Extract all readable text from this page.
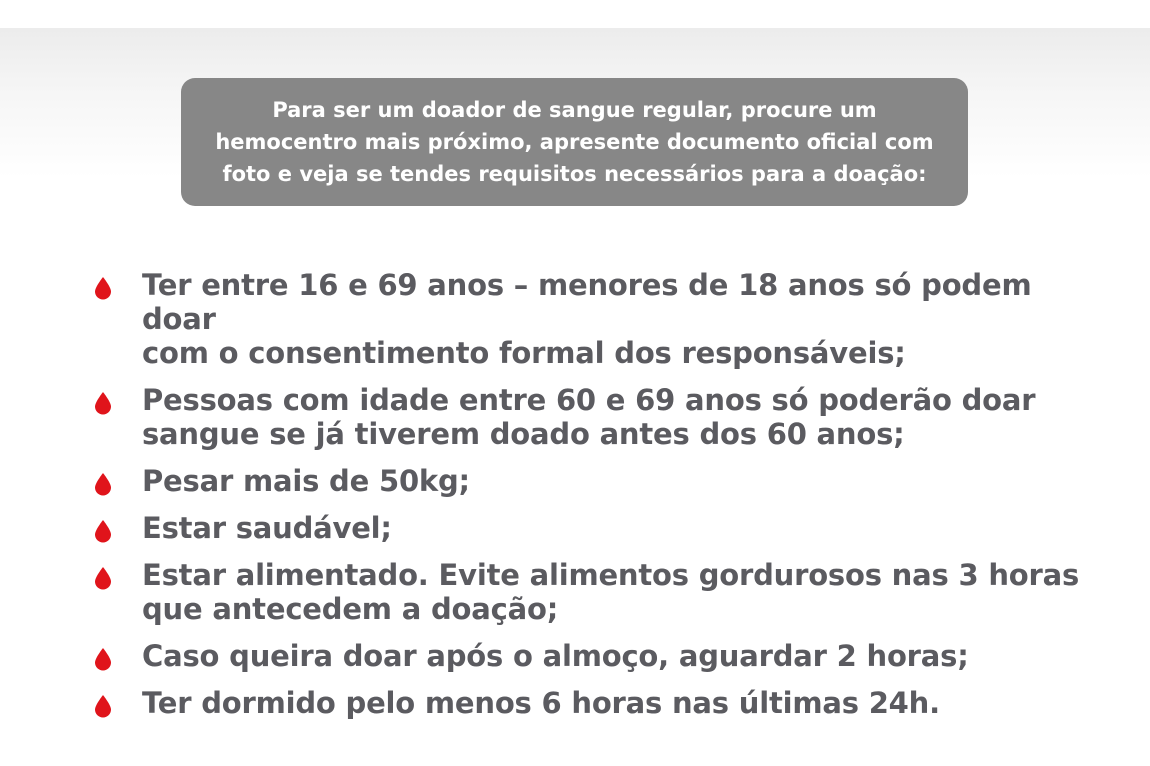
Para ser um doador de sangue regular, procure um
hemocentro mais próximo, apresente documento oficial com
foto e veja se tendes requisitos necessários para a doação:

Ter entre 16 e 69 anos – menores de 18 anos só podem doar
com o consentimento formal dos responsáveis;
Pessoas com idade entre 60 e 69 anos só poderão doar
sangue se já tiverem doado antes dos 60 anos;
Pesar mais de 50kg;
Estar saudável;
Estar alimentado. Evite alimentos gordurosos nas 3 horas
que antecedem a doação;
Caso queira doar após o almoço, aguardar 2 horas;
Ter dormido pelo menos 6 horas nas últimas 24h.
